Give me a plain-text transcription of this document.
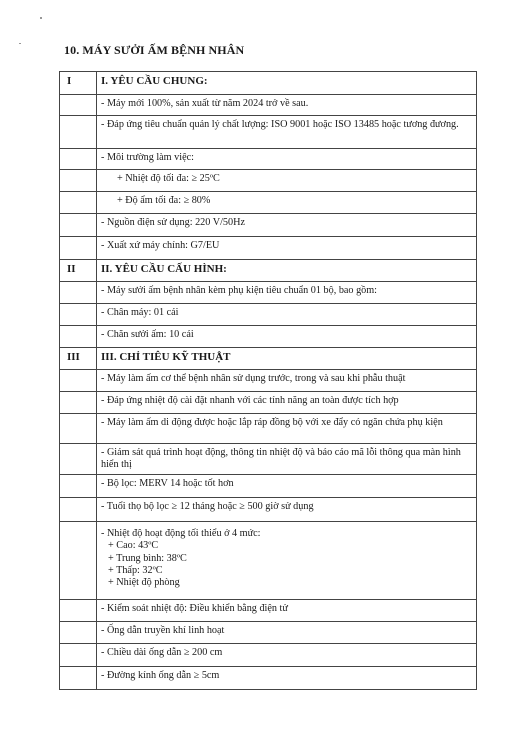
10. MÁY SƯỞI ẤM BỆNH NHÂN
I	I. YÊU CẦU CHUNG:
	- Máy mới 100%, sản xuất từ năm 2024 trở về sau.
	- Đáp ứng tiêu chuẩn quản lý chất lượng: ISO 9001 hoặc ISO 13485 hoặc tương đương.
	- Môi trường làm việc:
	+ Nhiệt độ tối đa: ≥ 25ºC
	+ Độ ẩm tối đa: ≥ 80%
	- Nguồn điện sử dụng: 220 V/50Hz
	- Xuất xứ máy chính: G7/EU
II	II. YÊU CẦU CẤU HÌNH:
	- Máy sưởi ấm bệnh nhân kèm phụ kiện tiêu chuẩn 01 bộ, bao gồm:
	- Chân máy: 01 cái
	- Chăn sưởi ấm: 10 cái
III	III. CHỈ TIÊU KỸ THUẬT
	- Máy làm ấm cơ thể bệnh nhân sử dụng trước, trong và sau khi phẫu thuật
	- Đáp ứng nhiệt độ cài đặt nhanh với các tính năng an toàn được tích hợp
	- Máy làm ấm di động được hoặc lắp ráp đồng bộ với xe đẩy có ngăn chứa phụ kiện
	- Giám sát quá trình hoạt động, thông tin nhiệt độ và báo cáo mã lỗi thông qua màn hình hiển thị
	- Bộ lọc: MERV 14 hoặc tốt hơn
	- Tuổi thọ bộ lọc ≥ 12 tháng hoặc ≥ 500 giờ sử dụng
	- Nhiệt độ hoạt động tối thiểu ở 4 mức:
+ Cao: 43ºC
+ Trung bình: 38ºC
+ Thấp: 32ºC
+ Nhiệt độ phòng

	- Kiểm soát nhiệt độ: Điều khiển bằng điện tử
	- Ống dẫn truyền khí linh hoạt
	- Chiều dài ống dẫn ≥ 200 cm
	- Đường kính ống dẫn ≥ 5cm
